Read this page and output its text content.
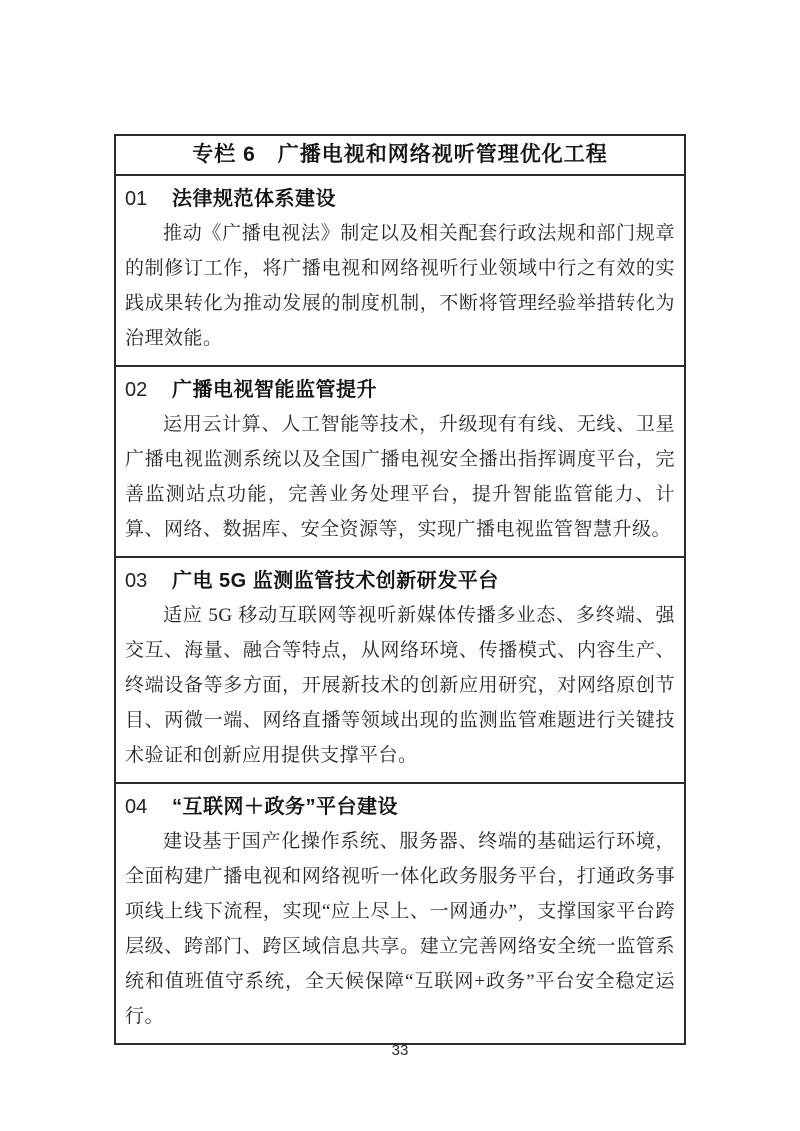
专栏 6　广播电视和网络视听管理优化工程
01	法律规范体系建设

推动《广播电视法》制定以及相关配套行政法规和部门规章的制修订工作，将广播电视和网络视听行业领域中行之有效的实践成果转化为推动发展的制度机制，不断将管理经验举措转化为治理效能。

02	广播电视智能监管提升

运用云计算、人工智能等技术，升级现有有线、无线、卫星广播电视监测系统以及全国广播电视安全播出指挥调度平台，完善监测站点功能，完善业务处理平台，提升智能监管能力、计算、网络、数据库、安全资源等，实现广播电视监管智慧升级。

03	广电 5G 监测监管技术创新研发平台

适应 5G 移动互联网等视听新媒体传播多业态、多终端、强交互、海量、融合等特点，从网络环境、传播模式、内容生产、终端设备等多方面，开展新技术的创新应用研究，对网络原创节目、两微一端、网络直播等领域出现的监测监管难题进行关键技术验证和创新应用提供支撑平台。

04	“互联网＋政务”平台建设

建设基于国产化操作系统、服务器、终端的基础运行环境，全面构建广播电视和网络视听一体化政务服务平台，打通政务事项线上线下流程，实现“应上尽上、一网通办”，支撑国家平台跨层级、跨部门、跨区域信息共享。建立完善网络安全统一监管系统和值班值守系统，全天候保障“互联网+政务”平台安全稳定运行。

33
